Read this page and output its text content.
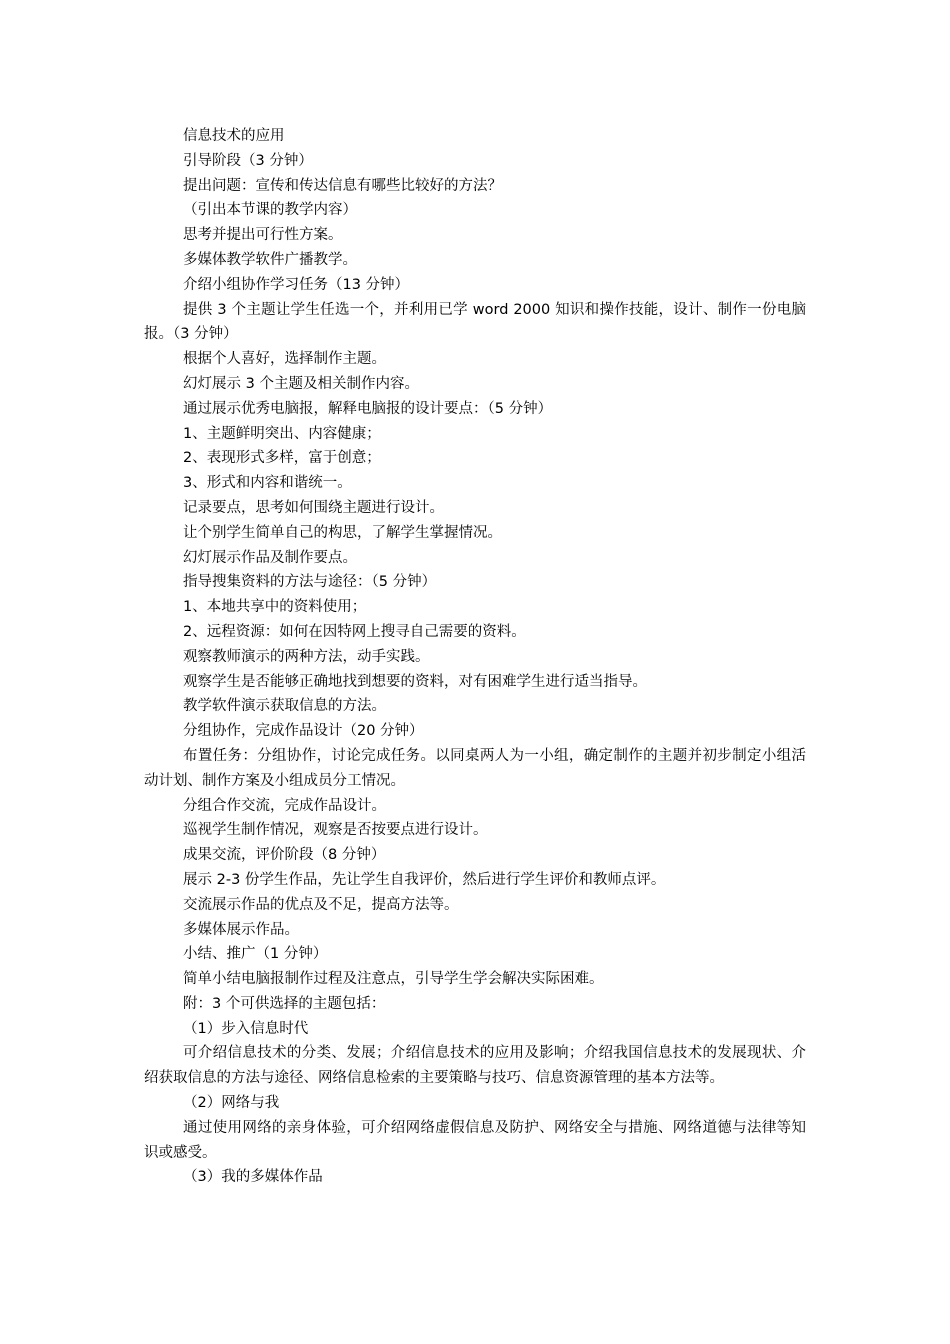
信息技术的应用

引导阶段（3 分钟）

提出问题：宣传和传达信息有哪些比较好的方法？

（引出本节课的教学内容）

思考并提出可行性方案。

多媒体教学软件广播教学。

介绍小组协作学习任务（13 分钟）

提供 3 个主题让学生任选一个，并利用已学 word 2000 知识和操作技能，设计、制作一份电脑报。（3 分钟）

根据个人喜好，选择制作主题。

幻灯展示 3 个主题及相关制作内容。

通过展示优秀电脑报，解释电脑报的设计要点：（5 分钟）

1、主题鲜明突出、内容健康；

2、表现形式多样，富于创意；

3、形式和内容和谐统一。

记录要点，思考如何围绕主题进行设计。

让个别学生简单自己的构思，了解学生掌握情况。

幻灯展示作品及制作要点。

指导搜集资料的方法与途径：（5 分钟）

1、本地共享中的资料使用；

2、远程资源：如何在因特网上搜寻自己需要的资料。

观察教师演示的两种方法，动手实践。

观察学生是否能够正确地找到想要的资料，对有困难学生进行适当指导。

教学软件演示获取信息的方法。

分组协作，完成作品设计（20 分钟）

布置任务：分组协作，讨论完成任务。以同桌两人为一小组，确定制作的主题并初步制定小组活动计划、制作方案及小组成员分工情况。

分组合作交流，完成作品设计。

巡视学生制作情况，观察是否按要点进行设计。

成果交流，评价阶段（8 分钟）

展示 2-3 份学生作品，先让学生自我评价，然后进行学生评价和教师点评。

交流展示作品的优点及不足，提高方法等。

多媒体展示作品。

小结、推广（1 分钟）

简单小结电脑报制作过程及注意点，引导学生学会解决实际困难。

附：3 个可供选择的主题包括：

（1）步入信息时代

可介绍信息技术的分类、发展；介绍信息技术的应用及影响；介绍我国信息技术的发展现状、介绍获取信息的方法与途径、网络信息检索的主要策略与技巧、信息资源管理的基本方法等。

（2）网络与我

通过使用网络的亲身体验，可介绍网络虚假信息及防护、网络安全与措施、网络道德与法律等知识或感受。

（3）我的多媒体作品
